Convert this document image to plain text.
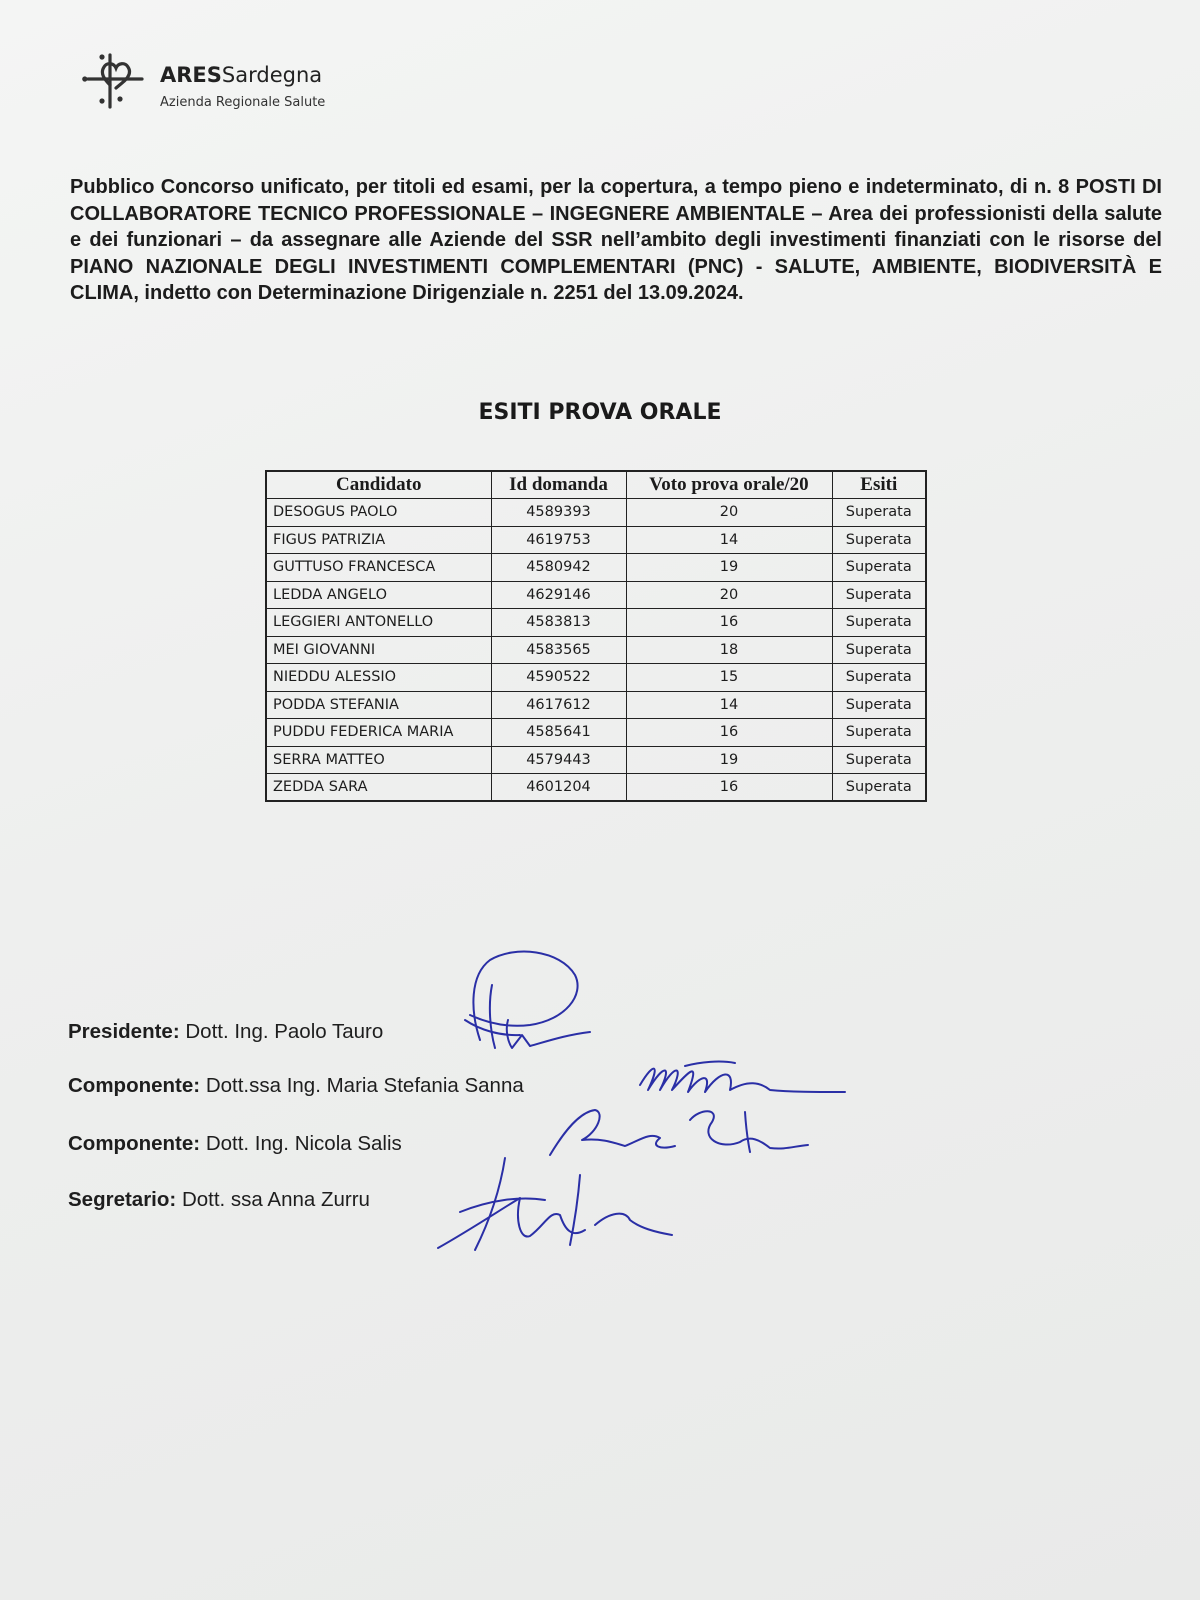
ARESSardegna
Azienda Regionale Salute
Pubblico Concorso unificato, per titoli ed esami, per la copertura, a tempo pieno e indeterminato, di n. 8 POSTI DI COLLABORATORE TECNICO PROFESSIONALE – INGEGNERE AMBIENTALE – Area dei professionisti della salute e dei funzionari – da assegnare alle Aziende del SSR nell’ambito degli investimenti finanziati con le risorse del PIANO NAZIONALE DEGLI INVESTIMENTI COMPLEMENTARI (PNC) - SALUTE, AMBIENTE, BIODIVERSITÀ E CLIMA, indetto con Determinazione Dirigenziale n. 2251 del 13.09.2024.
ESITI PROVA ORALE
Candidato	Id domanda	Voto prova orale/20	Esiti
DESOGUS PAOLO	4589393	20	Superata
FIGUS PATRIZIA	4619753	14	Superata
GUTTUSO FRANCESCA	4580942	19	Superata
LEDDA ANGELO	4629146	20	Superata
LEGGIERI ANTONELLO	4583813	16	Superata
MEI GIOVANNI	4583565	18	Superata
NIEDDU ALESSIO	4590522	15	Superata
PODDA STEFANIA	4617612	14	Superata
PUDDU FEDERICA MARIA	4585641	16	Superata
SERRA MATTEO	4579443	19	Superata
ZEDDA SARA	4601204	16	Superata
Presidente: Dott. Ing. Paolo Tauro
Componente: Dott.ssa Ing. Maria Stefania Sanna
Componente: Dott. Ing. Nicola Salis
Segretario: Dott. ssa Anna Zurru
